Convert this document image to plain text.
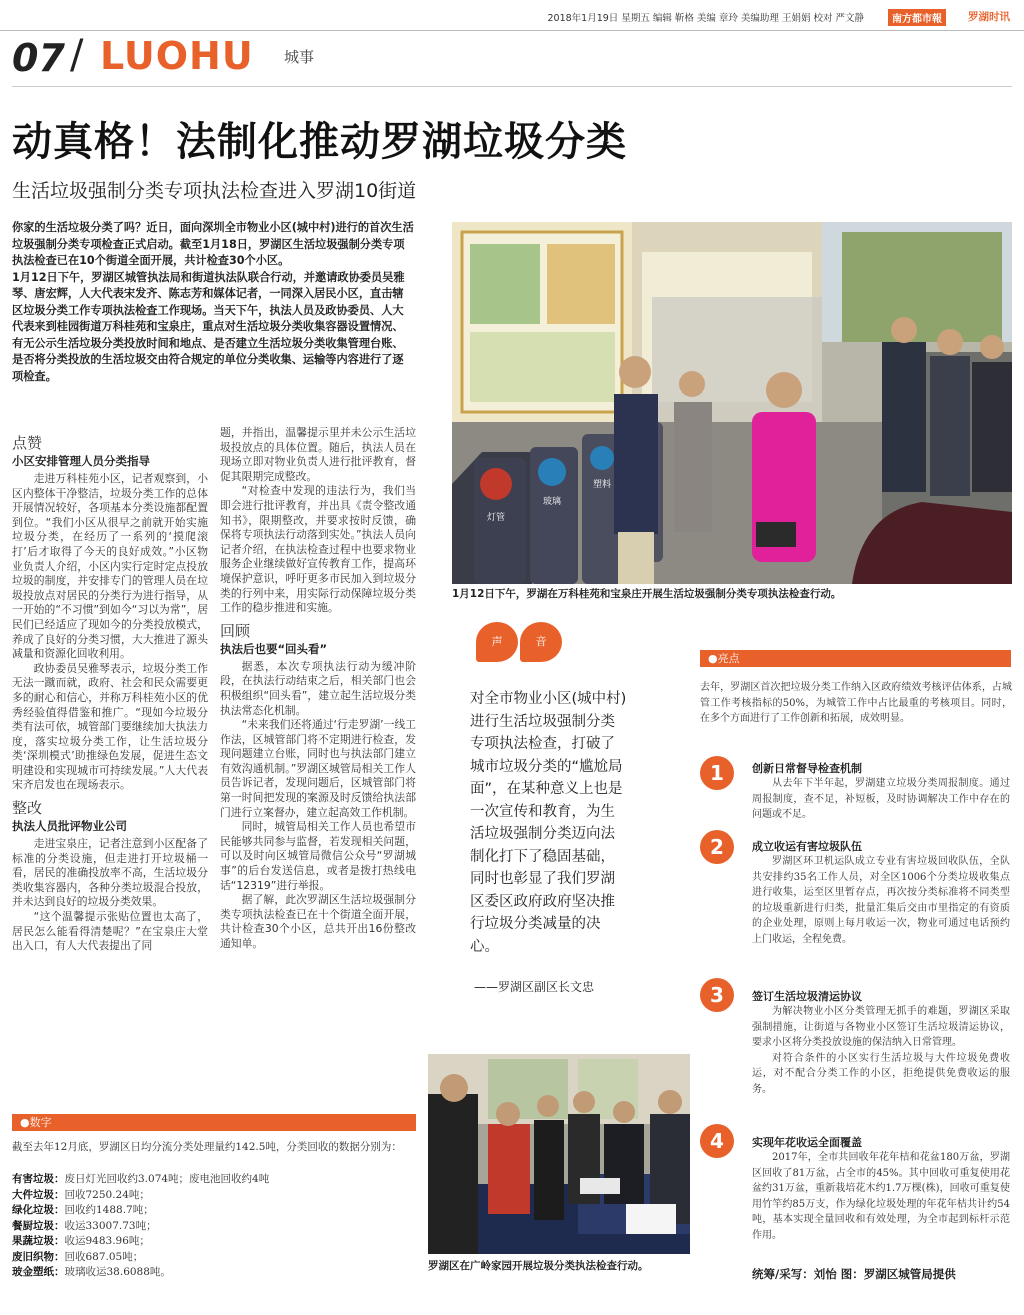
2018年1月19日 星期五 编辑 靳格 美编 章玲 美编助理 王娟娟 校对 严文静	南方都市報	罗湖时讯
07 / LUOHU 城事
动真格！法制化推动罗湖垃圾分类
生活垃圾强制分类专项执法检查进入罗湖10街道
你家的生活垃圾分类了吗？近日，面向深圳全市物业小区(城中村)进行的首次生活垃圾强制分类专项检查正式启动。截至1月18日，罗湖区生活垃圾强制分类专项执法检查已在10个街道全面开展，共计检查30个小区。
1月12日下午，罗湖区城管执法局和街道执法队联合行动，并邀请政协委员吴雅琴、唐宏辉，人大代表宋发齐、陈志芳和媒体记者，一同深入居民小区，直击辖区垃圾分类工作专项执法检查工作现场。当天下午，执法人员及政协委员、人大代表来到桂园街道万科桂苑和宝泉庄，重点对生活垃圾分类收集容器设置情况、有无公示生活垃圾分类投放时间和地点、是否建立生活垃圾分类收集管理台账、是否将分类投放的生活垃圾交由符合规定的单位分类收集、运输等内容进行了逐项检查。
点赞
小区安排管理人员分类指导

走进万科桂苑小区，记者观察到，小区内整体干净整洁，垃圾分类工作的总体开展情况较好，各项基本分类设施都配置到位。“我们小区从很早之前就开始实施垃圾分类，在经历了一系列的‘摸爬滚打’后才取得了今天的良好成效。”小区物业负责人介绍，小区内实行定时定点投放垃圾的制度，并安排专门的管理人员在垃圾投放点对居民的分类行为进行指导，从一开始的“不习惯”到如今“习以为常”，居民们已经适应了现如今的分类投放模式，养成了良好的分类习惯，大大推进了源头减量和资源化回收利用。

政协委员吴雅琴表示，垃圾分类工作无法一蹴而就，政府、社会和民众需要更多的耐心和信心，并称万科桂苑小区的优秀经验值得借鉴和推广。“现如今垃圾分类有法可依，城管部门要继续加大执法力度，落实垃圾分类工作，让生活垃圾分类‘深圳模式’助推绿色发展，促进生态文明建设和实现城市可持续发展。”人大代表宋齐启发也在现场表示。

整改
执法人员批评物业公司

走进宝泉庄，记者注意到小区配备了标准的分类设施，但走进打开垃圾桶一看，居民的准确投放率不高，生活垃圾分类收集容器内，各种分类垃圾混合投放，并未达到良好的垃圾分类效果。

“这个温馨提示张贴位置也太高了，居民怎么能看得清楚呢？”在宝泉庄大堂出入口，有人大代表提出了同

题，并指出，温馨提示里并未公示生活垃圾投放点的具体位置。随后，执法人员在现场立即对物业负责人进行批评教育，督促其限期完成整改。

“对检查中发现的违法行为，我们当即会进行批评教育，并出具《责令整改通知书》，限期整改，并要求按时反馈，确保将专项执法行动落到实处。”执法人员向记者介绍，在执法检查过程中也要求物业服务企业继续做好宣传教育工作，提高环境保护意识，呼吁更多市民加入到垃圾分类的行列中来，用实际行动保障垃圾分类工作的稳步推进和实施。

回顾
执法后也要“回头看”

据悉，本次专项执法行动为缓冲阶段，在执法行动结束之后，相关部门也会积极组织“回头看”，建立起生活垃圾分类执法常态化机制。

“未来我们还将通过‘行走罗湖’一线工作法，区城管部门将不定期进行检查，发现问题建立台账，同时也与执法部门建立有效沟通机制。”罗湖区城管局相关工作人员告诉记者，发现问题后，区城管部门将第一时间把发现的案源及时反馈给执法部门进行立案督办，建立起高效工作机制。

同时，城管局相关工作人员也希望市民能够共同参与监督，若发现相关问题，可以及时向区城管局微信公众号“罗湖城事”的后台发送信息，或者是拨打热线电话“12319”进行举报。

据了解，此次罗湖区生活垃圾强制分类专项执法检查已在十个街道全面开展，共计检查30个小区，总共开出16份整改通知单。

灯管
玻璃
塑料
1月12日下午，罗湖在万科桂苑和宝泉庄开展生活垃圾强制分类专项执法检查行动。
声	音
对全市物业小区(城中村)进行生活垃圾强制分类专项执法检查，打破了城市垃圾分类的“尴尬局面”，在某种意义上也是一次宣传和教育，为生活垃圾强制分类迈向法制化打下了稳固基础，同时也彰显了我们罗湖区委区政府政府坚决推行垃圾分类减量的决心。
——罗湖区副区长文忠
●亮点
去年，罗湖区首次把垃圾分类工作纳入区政府绩效考核评估体系，占城管工作考核指标的50%，为城管工作中占比最重的考核项目。同时，在多个方面进行了工作创新和拓展，成效明显。
1	创新日常督导检查机制

从去年下半年起，罗湖建立垃圾分类周报制度。通过周报制度，查不足，补短板，及时协调解决工作中存在的问题或不足。

2	成立收运有害垃圾队伍

罗湖区环卫机运队成立专业有害垃圾回收队伍，全队共安排约35名工作人员，对全区1006个分类垃圾收集点进行收集，运至区里暂存点，再次按分类标准将不同类型的垃圾重新进行归类，批量汇集后交由市里指定的有资质的企业处理，原则上每月收运一次，物业可通过电话预约上门收运，全程免费。

3	签订生活垃圾清运协议

为解决物业小区分类管理无抓手的难题，罗湖区采取强制措施，让街道与各物业小区签订生活垃圾清运协议，要求小区将分类投放设施的保洁纳入日常管理。

对符合条件的小区实行生活垃圾与大件垃圾免费收运，对不配合分类工作的小区，拒绝提供免费收运的服务。

4	实现年花收运全面覆盖

2017年，全市共回收年花年桔和花盆180万盆，罗湖区回收了81万盆，占全市的45%。其中回收可重复使用花盆约31万盆，重新栽培花木约1.7万棵(株)，回收可重复使用竹竿约85万支，作为绿化垃圾处理的年花年桔共计约54吨，基本实现全量回收和有效处理，为全市起到标杆示范作用。

统筹/采写：刘怡 图：罗湖区城管局提供
罗湖区在广岭家园开展垃圾分类执法检查行动。
●数字
截至去年12月底，罗湖区日均分流分类处理量约142.5吨，分类回收的数据分别为：
有害垃圾：废日灯光回收约3.074吨；废电池回收约4吨
大件垃圾：回收7250.24吨；
绿化垃圾：回收约1488.7吨；
餐厨垃圾：收运33007.73吨；
果蔬垃圾：收运9483.96吨；
废旧织物：回收687.05吨；
玻金塑纸：玻璃收运38.6088吨。
